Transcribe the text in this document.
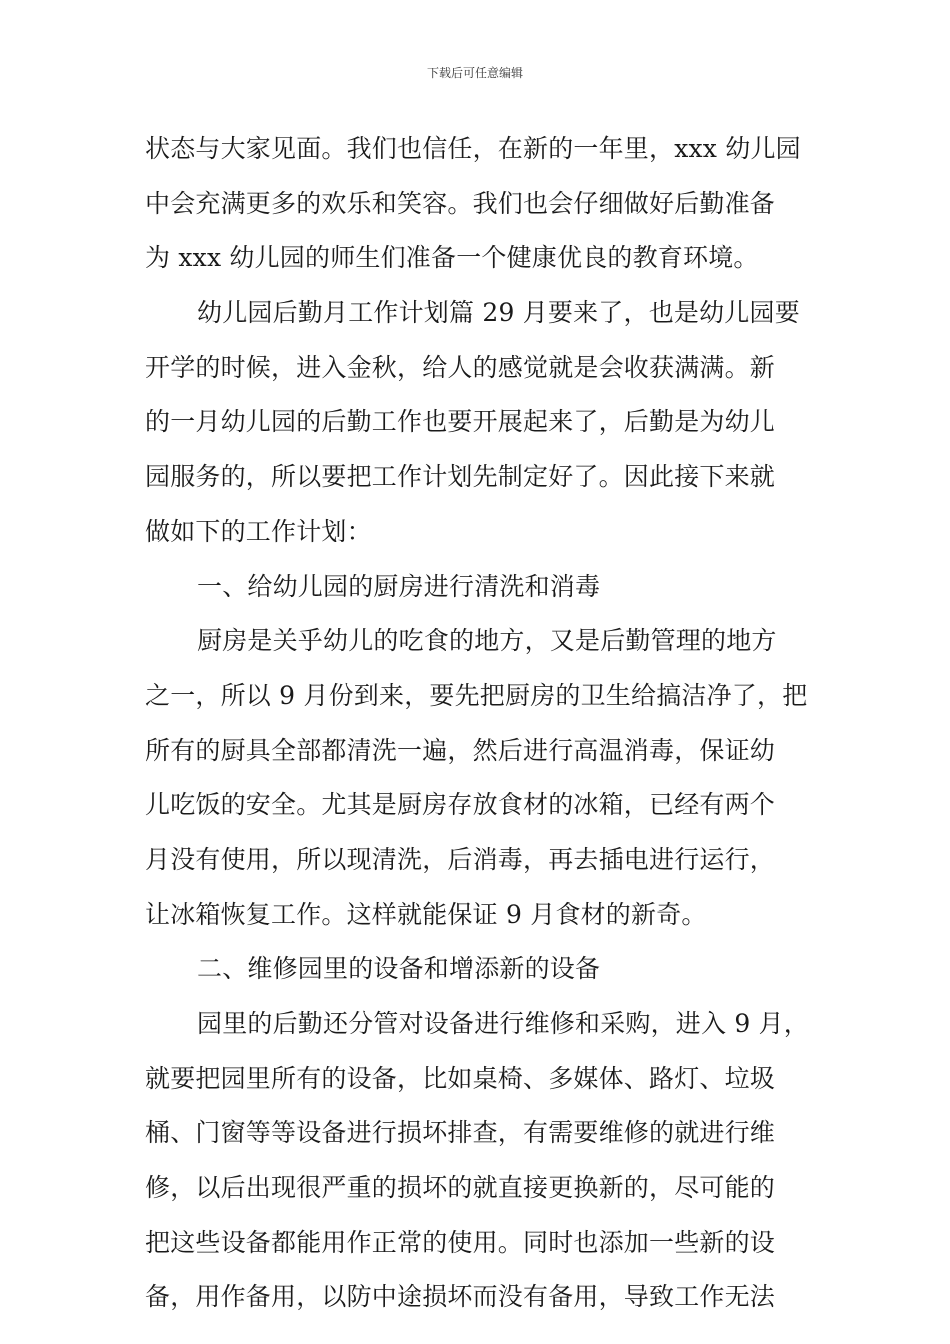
下载后可任意编辑
状态与大家见面。我们也信任，在新的一年里，xxx 幼儿园
中会充满更多的欢乐和笑容。我们也会仔细做好后勤准备
为 xxx 幼儿园的师生们准备一个健康优良的教育环境。
幼儿园后勤月工作计划篇 29 月要来了，也是幼儿园要
开学的时候，进入金秋，给人的感觉就是会收获满满。新
的一月幼儿园的后勤工作也要开展起来了，后勤是为幼儿
园服务的，所以要把工作计划先制定好了。因此接下来就
做如下的工作计划：
一、给幼儿园的厨房进行清洗和消毒
厨房是关乎幼儿的吃食的地方，又是后勤管理的地方
之一，所以 9 月份到来，要先把厨房的卫生给搞洁净了，把
所有的厨具全部都清洗一遍，然后进行高温消毒，保证幼
儿吃饭的安全。尤其是厨房存放食材的冰箱，已经有两个
月没有使用，所以现清洗，后消毒，再去插电进行运行，
让冰箱恢复工作。这样就能保证 9 月食材的新奇。
二、维修园里的设备和增添新的设备
园里的后勤还分管对设备进行维修和采购，进入 9 月，
就要把园里所有的设备，比如桌椅、多媒体、路灯、垃圾
桶、门窗等等设备进行损坏排查，有需要维修的就进行维
修，以后出现很严重的损坏的就直接更换新的，尽可能的
把这些设备都能用作正常的使用。同时也添加一些新的设
备，用作备用，以防中途损坏而没有备用，导致工作无法
